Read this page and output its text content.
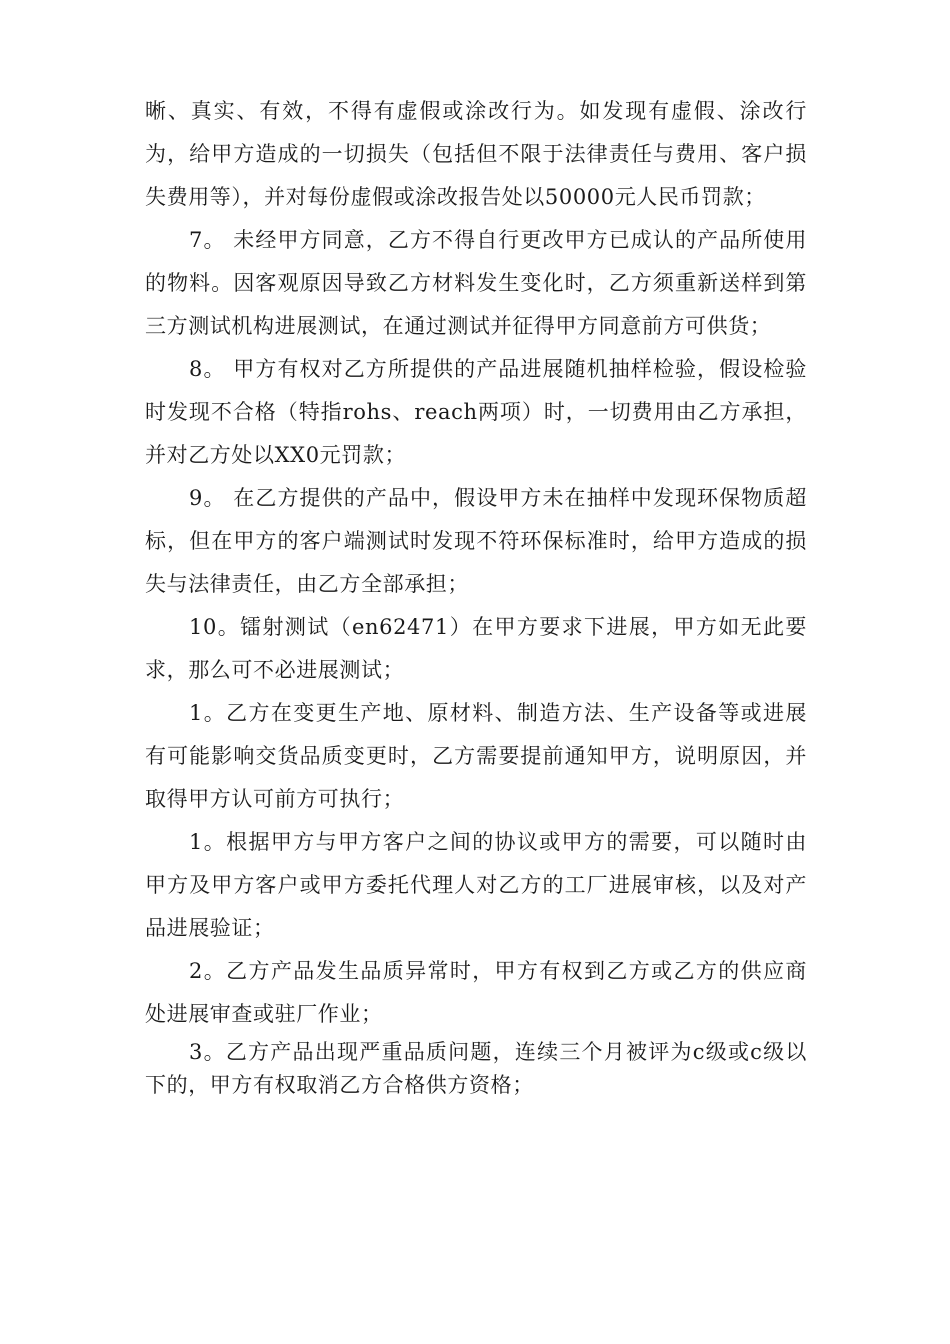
晰、真实、有效，不得有虚假或涂改行为。如发现有虚假、涂改行为，给甲方造成的一切损失（包括但不限于法律责任与费用、客户损失费用等），并对每份虚假或涂改报告处以50000元人民币罚款；

7。 未经甲方同意，乙方不得自行更改甲方已成认的产品所使用的物料。因客观原因导致乙方材料发生变化时，乙方须重新送样到第三方测试机构进展测试，在通过测试并征得甲方同意前方可供货；

8。 甲方有权对乙方所提供的产品进展随机抽样检验，假设检验时发现不合格（特指rohs、reach两项）时，一切费用由乙方承担，并对乙方处以XX0元罚款；

9。 在乙方提供的产品中，假设甲方未在抽样中发现环保物质超标，但在甲方的客户端测试时发现不符环保标准时，给甲方造成的损失与法律责任，由乙方全部承担；

10。镭射测试（en62471）在甲方要求下进展，甲方如无此要求，那么可不必进展测试；

1。乙方在变更生产地、原材料、制造方法、生产设备等或进展有可能影响交货品质变更时，乙方需要提前通知甲方，说明原因，并取得甲方认可前方可执行；

1。根据甲方与甲方客户之间的协议或甲方的需要，可以随时由甲方及甲方客户或甲方委托代理人对乙方的工厂进展审核，以及对产品进展验证；

2。乙方产品发生品质异常时，甲方有权到乙方或乙方的供应商处进展审查或驻厂作业；

3。乙方产品出现严重品质问题，连续三个月被评为c级或c级以下的，甲方有权取消乙方合格供方资格；
